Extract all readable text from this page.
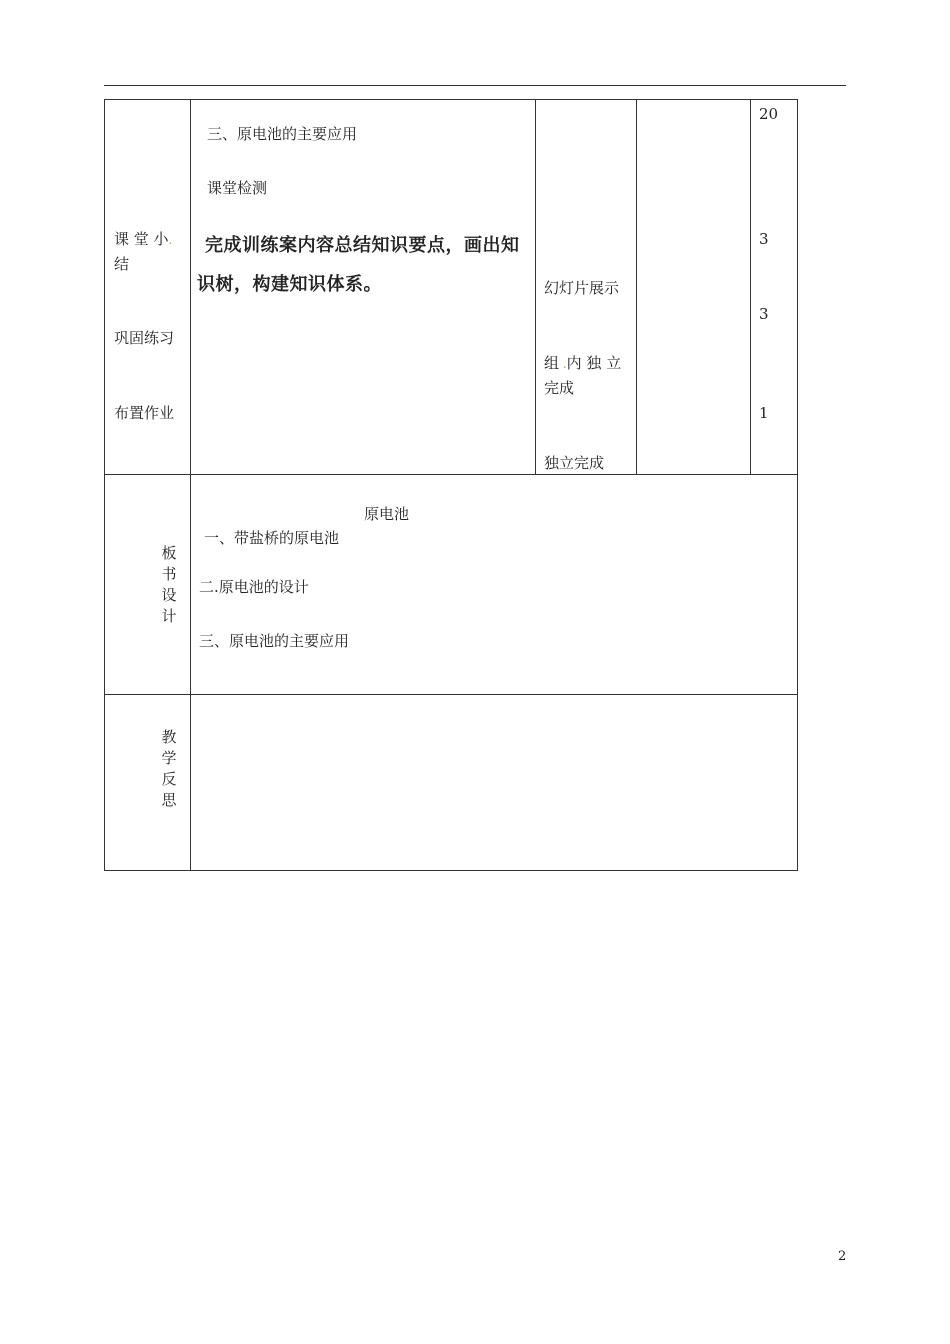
课 堂 小.
结
巩固练习
布置作业
三、原电池的主要应用
课堂检测
完成训练案内容总结知识要点，画出知
识树，构建知识体系。	幻灯片展示
组 .内 独 立
完成
独立完成
20
3
3
1
板书设计
原电池
一、带盐桥的原电池
二.原电池的设计
三、原电池的主要应用
教学反思
2
